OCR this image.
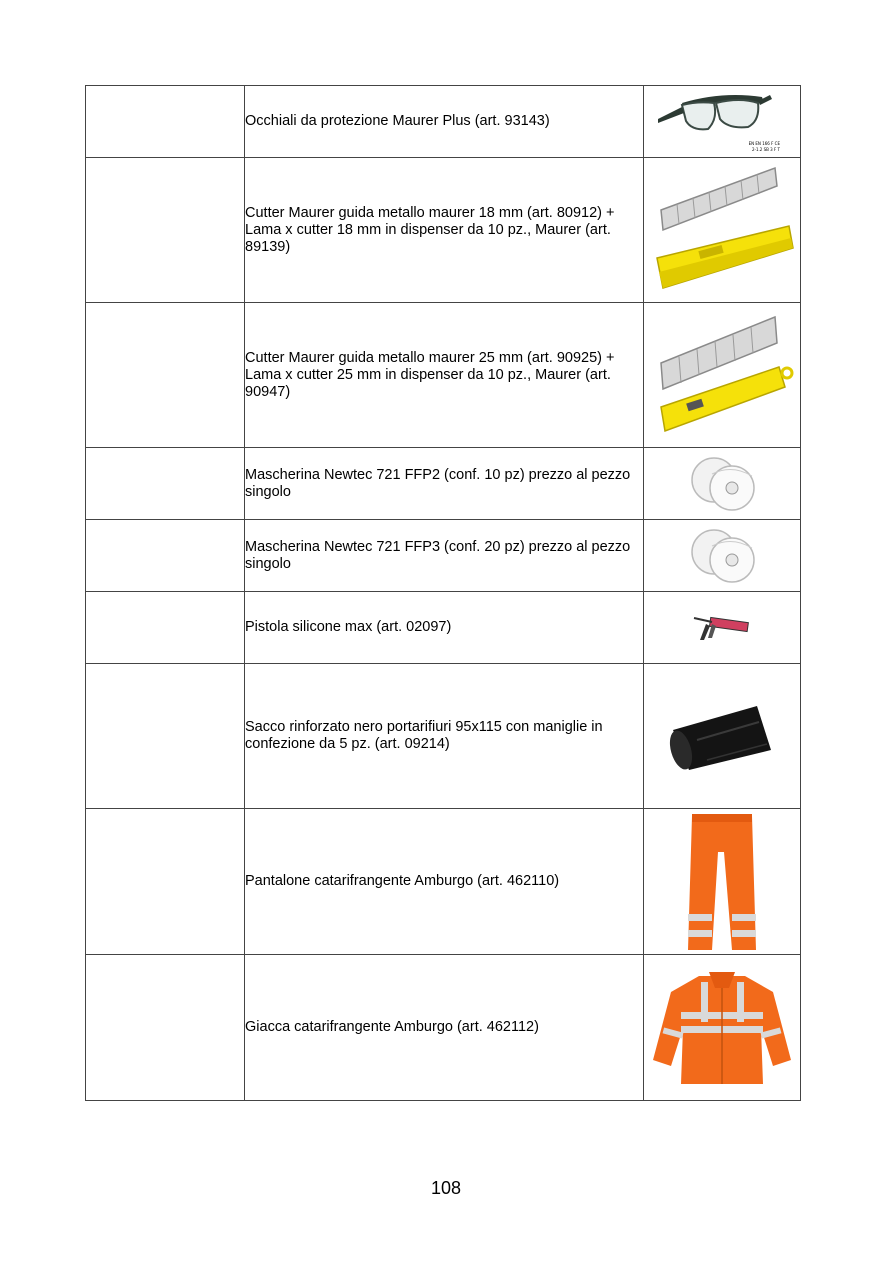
	Occhiali da protezione Maurer Plus (art. 93143)	EN EN 166 F CE
2-1.2 SB 3 F T

	Cutter Maurer guida metallo maurer 18 mm (art. 80912) + Lama x cutter 18 mm in dispenser da 10 pz., Maurer (art. 89139)

	Cutter Maurer guida metallo maurer 25 mm (art. 90925) + Lama x cutter 25 mm in dispenser da 10 pz., Maurer (art. 90947)

	Mascherina Newtec 721 FFP2 (conf. 10 pz) prezzo al pezzo singolo

	Mascherina Newtec 721 FFP3 (conf. 20 pz) prezzo al pezzo singolo

	Pistola silicone max (art. 02097)

	Sacco rinforzato nero portarifiuri 95x115 con maniglie in confezione da 5 pz. (art. 09214)

	Pantalone catarifrangente Amburgo (art. 462110)

	Giacca catarifrangente Amburgo (art. 462112)

108
